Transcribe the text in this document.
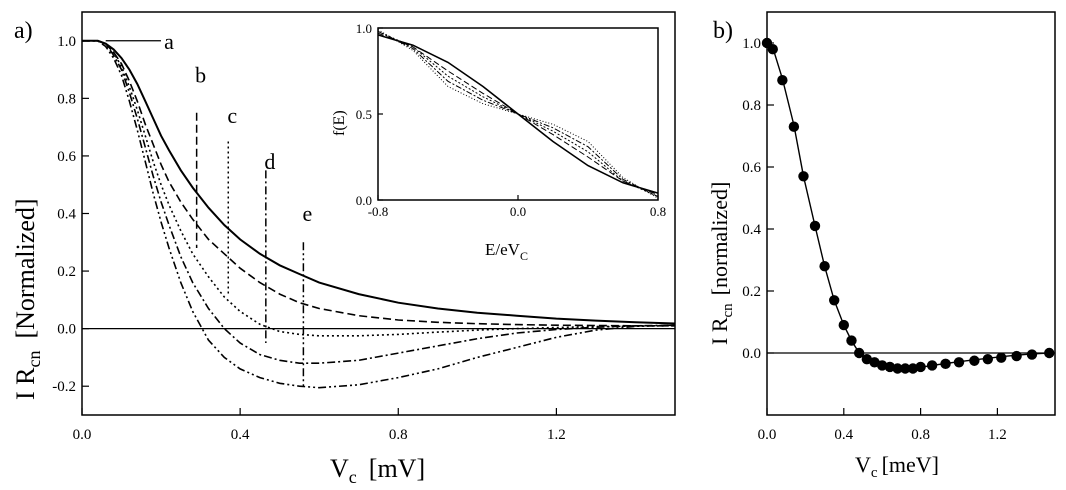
a)
0.0	0.4	0.8	1.2
-0.2
0.0
0.2
0.4
0.6
0.8
1.0	a
b
c
d
e
$V_c$ [mV]
I $R_cn[Normalized]$	-0.8	0.0	0.8
0.0
0.5
1.0
f(E)
$E/eV_C$
b)
0.0	0.4	0.8	1.2
0.0
0.2
0.4
0.6
0.8
1.0
$V_c$ [meV]
I $R_cn[normalized]$
